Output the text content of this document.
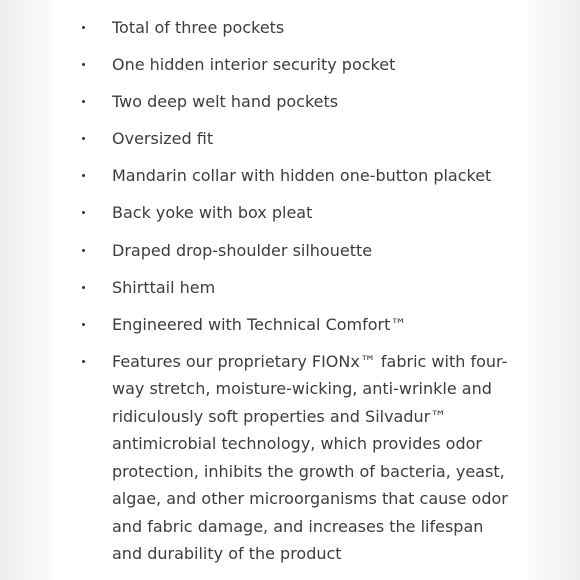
Total of three pockets
One hidden interior security pocket
Two deep welt hand pockets
Oversized fit
Mandarin collar with hidden one-button placket
Back yoke with box pleat
Draped drop-shoulder silhouette
Shirttail hem
Engineered with Technical Comfort™
Features our proprietary FIONx™ fabric with four-way stretch, moisture-wicking, anti-wrinkle and ridiculously soft properties and Silvadur™ antimicrobial technology, which provides odor protection, inhibits the growth of bacteria, yeast, algae, and other microorganisms that cause odor and fabric damage, and increases the lifespan and durability of the product
